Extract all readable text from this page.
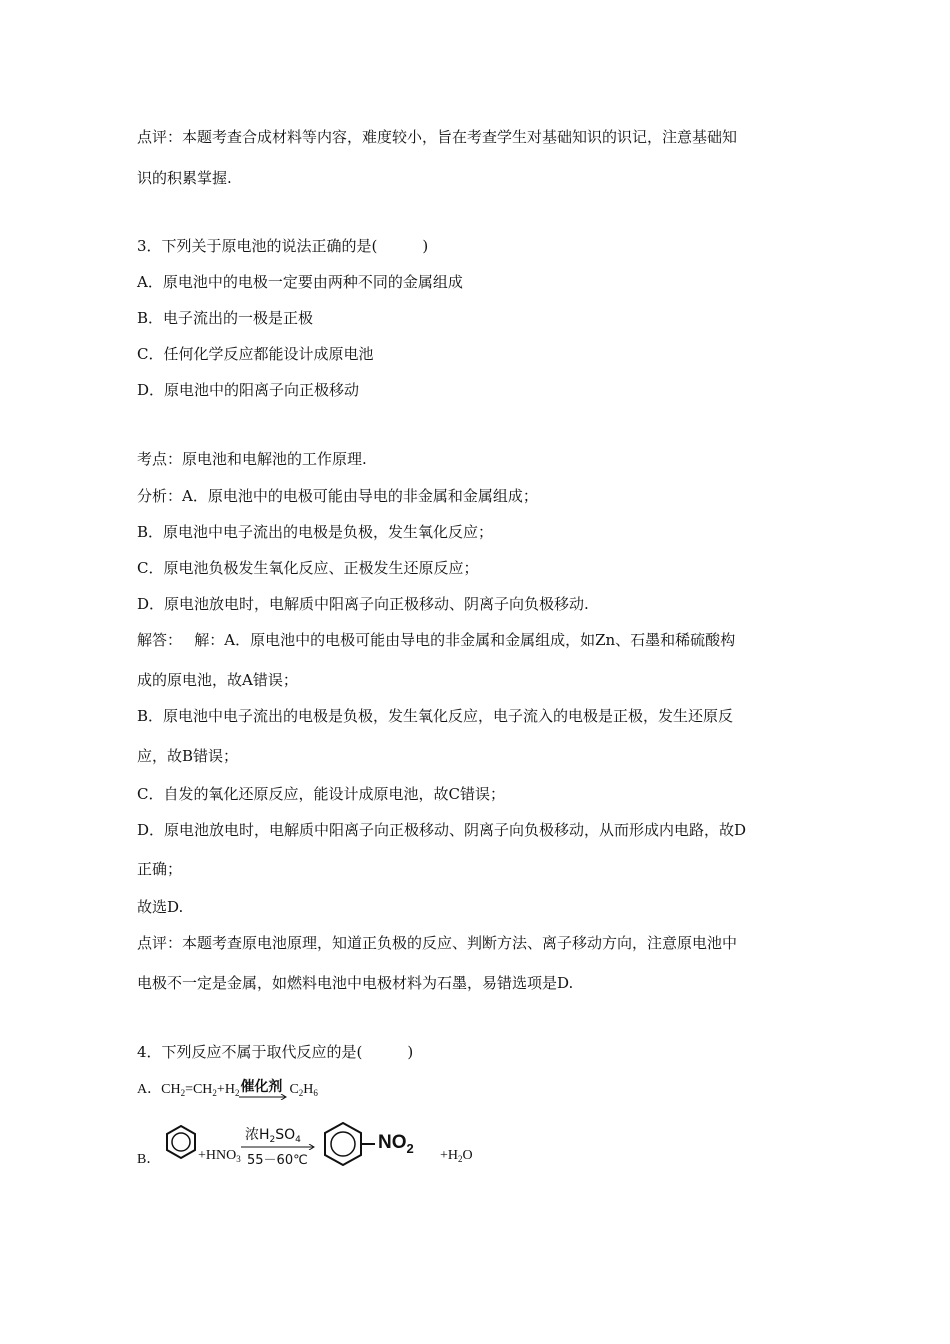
点评：本题考查合成材料等内容，难度较小，旨在考查学生对基础知识的识记，注意基础知
识的积累掌握.
3．下列关于原电池的说法正确的是(　　　)
A．原电池中的电极一定要由两种不同的金属组成
B．电子流出的一极是正极
C．任何化学反应都能设计成原电池
D．原电池中的阳离子向正极移动
考点：原电池和电解池的工作原理.
分析：A．原电池中的电极可能由导电的非金属和金属组成；
B．原电池中电子流出的电极是负极，发生氧化反应；
C．原电池负极发生氧化反应、正极发生还原反应；
D．原电池放电时，电解质中阳离子向正极移动、阴离子向负极移动.
解答：　 解：A．原电池中的电极可能由导电的非金属和金属组成，如Zn、石墨和稀硫酸构
成的原电池，故A错误；
B．原电池中电子流出的电极是负极，发生氧化反应，电子流入的电极是正极，发生还原反
应，故B错误；
C．自发的氧化还原反应，能设计成原电池，故C错误；
D．原电池放电时，电解质中阳离子向正极移动、阴离子向负极移动，从而形成内电路，故D
正确；
故选D.
点评：本题考查原电池原理，知道正负极的反应、判断方法、离子移动方向，注意原电池中
电极不一定是金属，如燃料电池中电极材料为石墨，易错选项是D.
4．下列反应不属于取代反应的是(　　　)
A．$CH_2=CH_2+H_2$ 催化剂 $C_2H_6$
B．	$+HNO_3$
浓$H_2SO_4$
55－60℃
$NO_2 +H_2O$
